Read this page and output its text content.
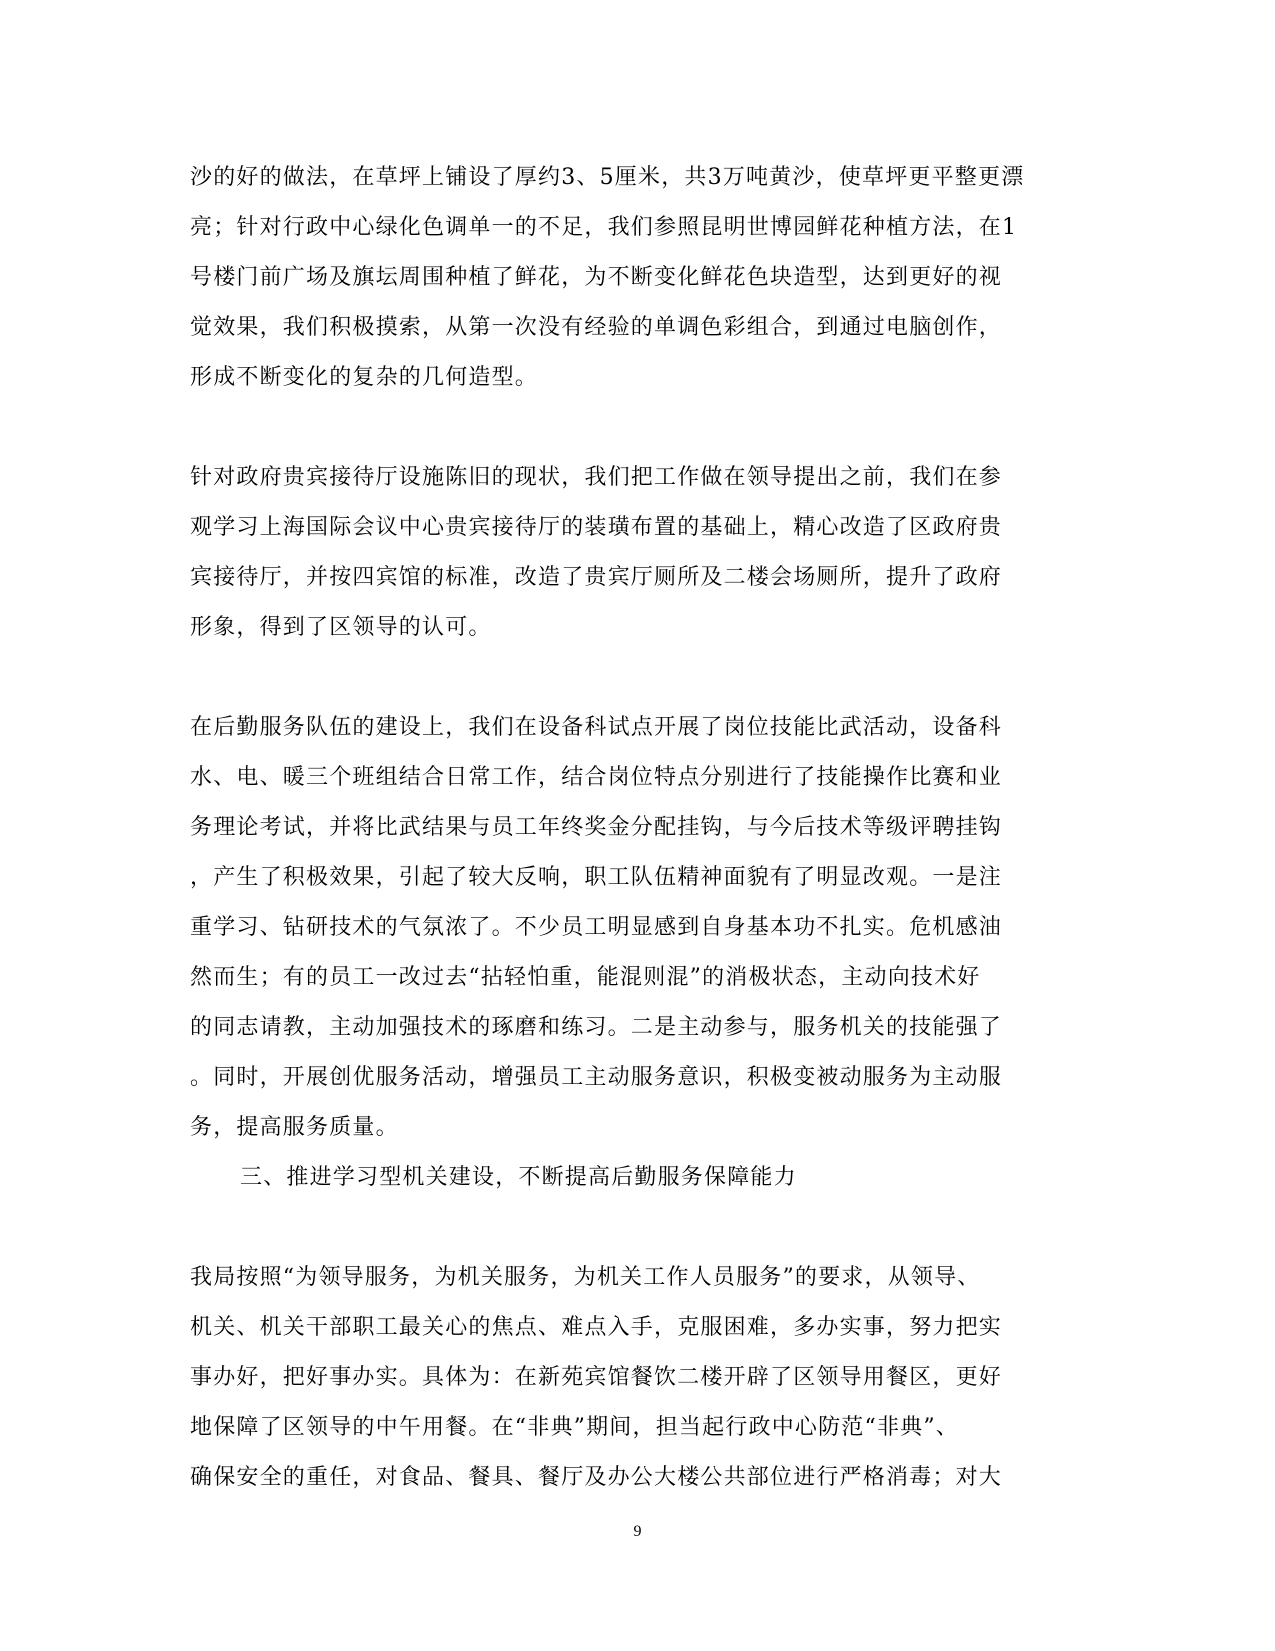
沙的好的做法，在草坪上铺设了厚约3、5厘米，共3万吨黄沙，使草坪更平整更漂
亮；针对行政中心绿化色调单一的不足，我们参照昆明世博园鲜花种植方法，在1
号楼门前广场及旗坛周围种植了鲜花，为不断变化鲜花色块造型，达到更好的视
觉效果，我们积极摸索，从第一次没有经验的单调色彩组合，到通过电脑创作，
形成不断变化的复杂的几何造型。
针对政府贵宾接待厅设施陈旧的现状，我们把工作做在领导提出之前，我们在参
观学习上海国际会议中心贵宾接待厅的装璜布置的基础上，精心改造了区政府贵
宾接待厅，并按四宾馆的标准，改造了贵宾厅厕所及二楼会场厕所，提升了政府
形象，得到了区领导的认可。
在后勤服务队伍的建设上，我们在设备科试点开展了岗位技能比武活动，设备科
水、电、暖三个班组结合日常工作，结合岗位特点分别进行了技能操作比赛和业
务理论考试，并将比武结果与员工年终奖金分配挂钩，与今后技术等级评聘挂钩
，产生了积极效果，引起了较大反响，职工队伍精神面貌有了明显改观。一是注
重学习、钻研技术的气氛浓了。不少员工明显感到自身基本功不扎实。危机感油
然而生；有的员工一改过去“拈轻怕重，能混则混”的消极状态，主动向技术好
的同志请教，主动加强技术的琢磨和练习。二是主动参与，服务机关的技能强了
。同时，开展创优服务活动，增强员工主动服务意识，积极变被动服务为主动服
务，提高服务质量。
三、推进学习型机关建设，不断提高后勤服务保障能力
我局按照“为领导服务，为机关服务，为机关工作人员服务”的要求，从领导、
机关、机关干部职工最关心的焦点、难点入手，克服困难，多办实事，努力把实
事办好，把好事办实。具体为：在新苑宾馆餐饮二楼开辟了区领导用餐区，更好
地保障了区领导的中午用餐。在“非典”期间，担当起行政中心防范“非典”、
确保安全的重任，对食品、餐具、餐厅及办公大楼公共部位进行严格消毒；对大
9
